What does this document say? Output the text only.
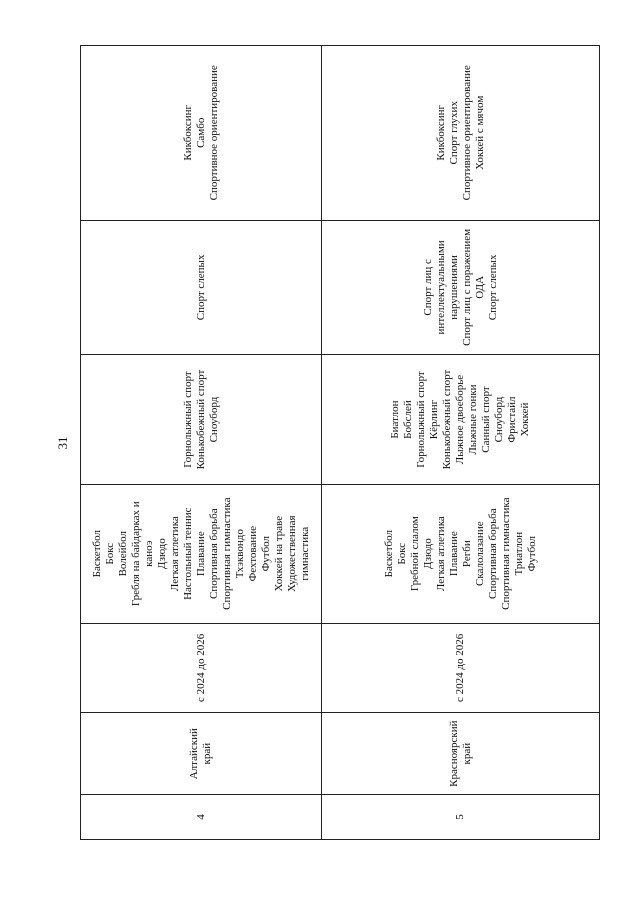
31
4
Алтайский край
с 2024 до 2026
Баскетбол Бокс Волейбол Гребля на байдарках и каноэ Дзюдо Легкая атлетика Настольный теннис Плавание Спортивная борьба Спортивная гимнастика Тхэквондо Фехтование Футбол Хоккей на траве Художественная гимнастика
Горнолыжный спорт Конькобежный спорт Сноуборд
Спорт слепых
Кикбоксинг Самбо Спортивное ориентирование
5
Красноярский край
с 2024 до 2026
Баскетбол Бокс Гребной слалом Дзюдо Легкая атлетика Плавание Регби Скалолазание Спортивная борьба Спортивная гимнастика Триатлон Футбол
Биатлон Бобслей Горнолыжный спорт Кёрлинг Конькобежный спорт Лыжное двоеборье Лыжные гонки Санный спорт Сноуборд Фристайл Хоккей
Спорт лиц с интеллектуальными нарушениями Спорт лиц с поражением ОДА Спорт слепых
Кикбоксинг Спорт глухих Спортивное ориентирование Хоккей с мячом
